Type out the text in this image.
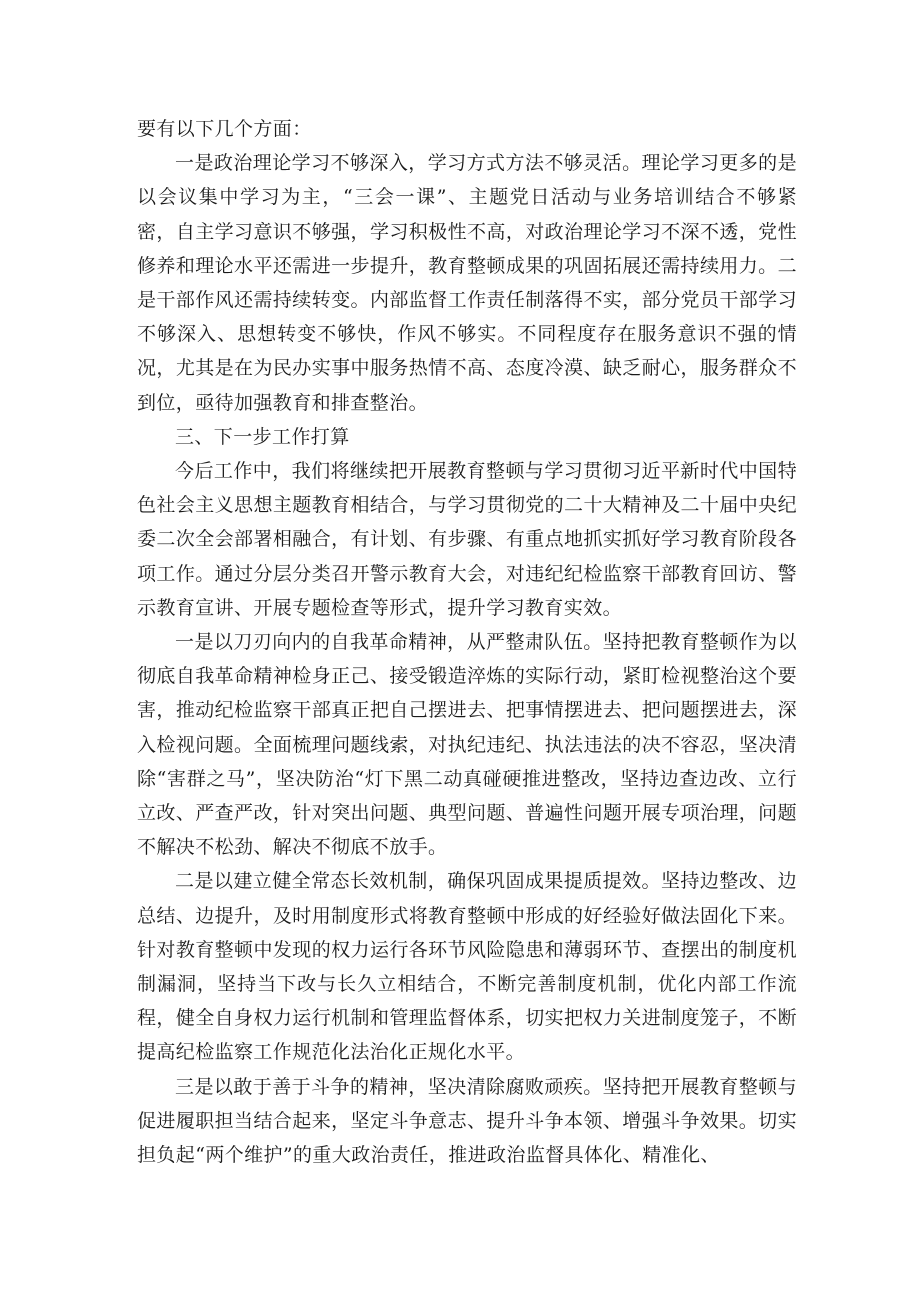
要有以下几个方面：

一是政治理论学习不够深入，学习方式方法不够灵活。理论学习更多的是以会议集中学习为主，“三会一课”、主题党日活动与业务培训结合不够紧密，自主学习意识不够强，学习积极性不高，对政治理论学习不深不透，党性修养和理论水平还需进一步提升，教育整顿成果的巩固拓展还需持续用力。二是干部作风还需持续转变。内部监督工作责任制落得不实，部分党员干部学习不够深入、思想转变不够快，作风不够实。不同程度存在服务意识不强的情况，尤其是在为民办实事中服务热情不高、态度冷漠、缺乏耐心，服务群众不到位，亟待加强教育和排查整治。

三、下一步工作打算

今后工作中，我们将继续把开展教育整顿与学习贯彻习近平新时代中国特色社会主义思想主题教育相结合，与学习贯彻党的二十大精神及二十届中央纪委二次全会部署相融合，有计划、有步骤、有重点地抓实抓好学习教育阶段各项工作。通过分层分类召开警示教育大会，对违纪纪检监察干部教育回访、警示教育宣讲、开展专题检查等形式，提升学习教育实效。

一是以刀刃向内的自我革命精神，从严整肃队伍。坚持把教育整顿作为以彻底自我革命精神检身正己、接受锻造淬炼的实际行动，紧盯检视整治这个要害，推动纪检监察干部真正把自己摆进去、把事情摆进去、把问题摆进去，深入检视问题。全面梳理问题线索，对执纪违纪、执法违法的决不容忍，坚决清除“害群之马”，坚决防治“灯下黑二动真碰硬推进整改，坚持边查边改、立行立改、严查严改，针对突出问题、典型问题、普遍性问题开展专项治理，问题不解决不松劲、解决不彻底不放手。

二是以建立健全常态长效机制，确保巩固成果提质提效。坚持边整改、边总结、边提升，及时用制度形式将教育整顿中形成的好经验好做法固化下来。针对教育整顿中发现的权力运行各环节风险隐患和薄弱环节、查摆出的制度机制漏洞，坚持当下改与长久立相结合，不断完善制度机制，优化内部工作流程，健全自身权力运行机制和管理监督体系，切实把权力关进制度笼子，不断提高纪检监察工作规范化法治化正规化水平。

三是以敢于善于斗争的精神，坚决清除腐败顽疾。坚持把开展教育整顿与促进履职担当结合起来，坚定斗争意志、提升斗争本领、增强斗争效果。切实担负起“两个维护”的重大政治责任，推进政治监督具体化、精准化、
